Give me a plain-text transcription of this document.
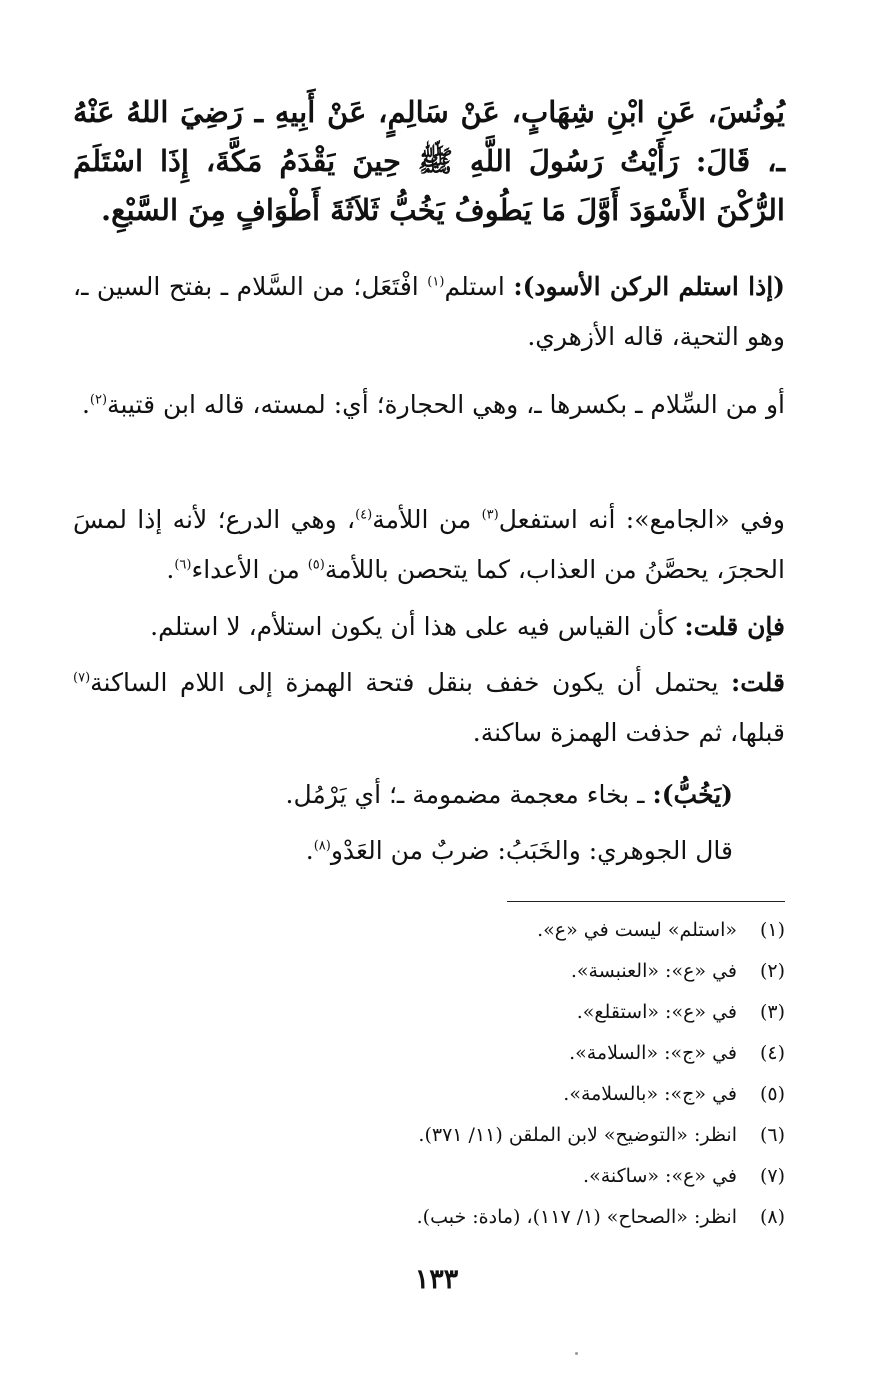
يُونُسَ، عَنِ ابْنِ شِهَابٍ، عَنْ سَالِمٍ، عَنْ أَبِيهِ ـ رَضِيَ اللهُ عَنْهُ ـ، قَالَ: رَأَيْتُ رَسُولَ اللَّهِ ﷺ حِينَ يَقْدَمُ مَكَّةَ، إِذَا اسْتَلَمَ الرُّكْنَ الأَسْوَدَ أَوَّلَ مَا يَطُوفُ يَخُبُّ ثَلاَثَةَ أَطْوَافٍ مِنَ السَّبْعِ.
(إذا استلم الركن الأسود): استلم$^{(١)}$ افْتَعَل؛ من السَّلام ـ بفتح السين ـ، وهو التحية، قاله الأزهري.
أو من السِّلام ـ بكسرها ـ، وهي الحجارة؛ أي: لمسته، قاله ابن قتيبة$^{(٢)}$.
وفي «الجامع»: أنه استفعل$^{(٣)}$ من اللأمة$^{(٤)}$، وهي الدرع؛ لأنه إذا لمسَ الحجرَ، يحصَّنُ من العذاب، كما يتحصن باللأمة$^{(٥)}$ من الأعداء$^{(٦)}$.
فإن قلت: كأن القياس فيه على هذا أن يكون استلأم، لا استلم.
قلت: يحتمل أن يكون خفف بنقل فتحة الهمزة إلى اللام الساكنة$^{(٧)}$ قبلها، ثم حذفت الهمزة ساكنة.
(يَخُبُّ): ـ بخاء معجمة مضمومة ـ؛ أي يَرْمُل.
قال الجوهري: والخَبَبُ: ضربٌ من العَدْو$^{(٨)}$.
(١)
«استلم» ليست في «ع».
(٢)
في «ع»: «العنبسة».
(٣)
في «ع»: «استقلع».
(٤)
في «ج»: «السلامة».
(٥)
في «ج»: «بالسلامة».
(٦)
انظر: «التوضيح» لابن الملقن (١١/ ٣٧١).
(٧)
في «ع»: «ساكنة».
(٨)
انظر: «الصحاح» (١/ ١١٧)، (مادة: خبب).
١٣٣
